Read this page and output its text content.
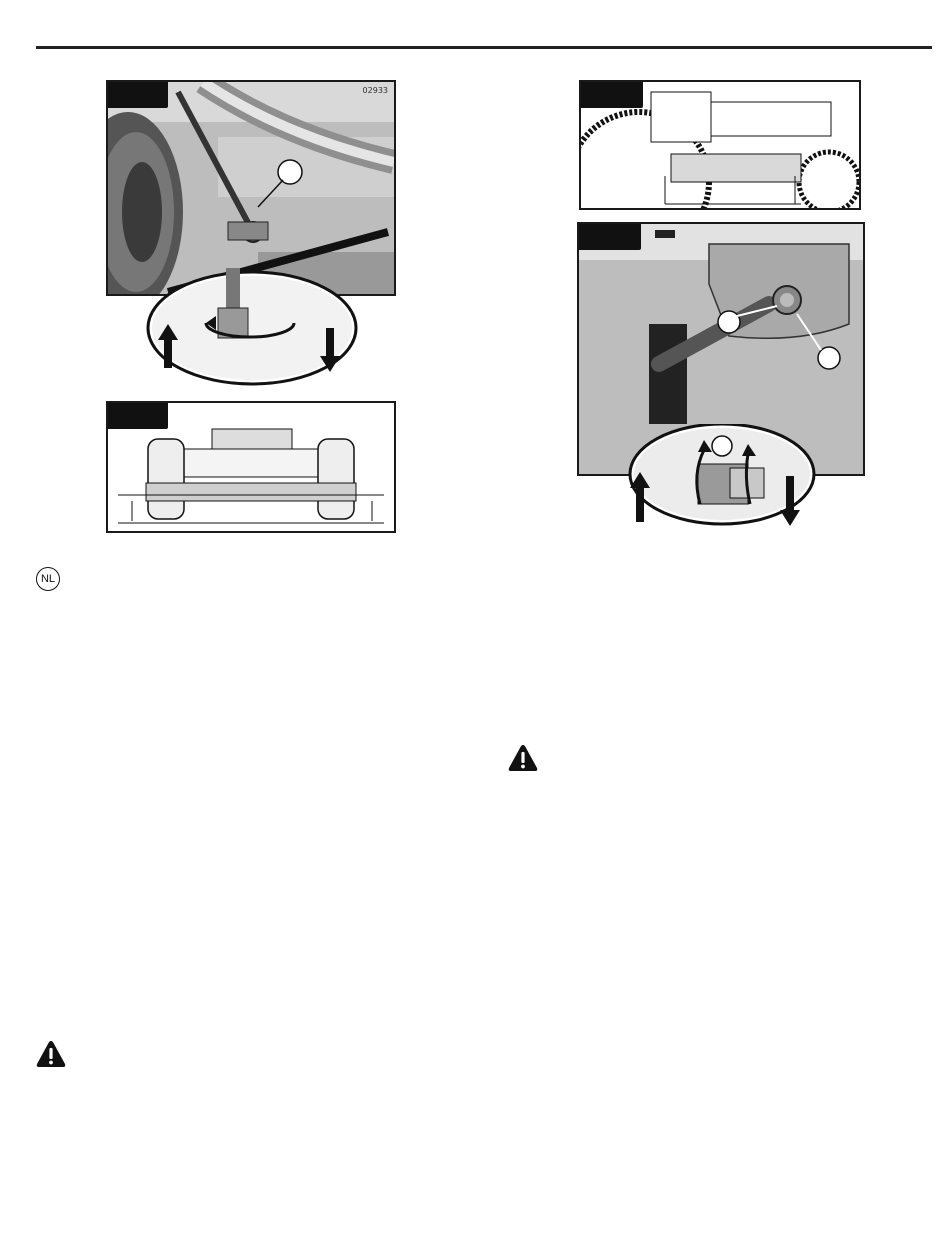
02933
NL
